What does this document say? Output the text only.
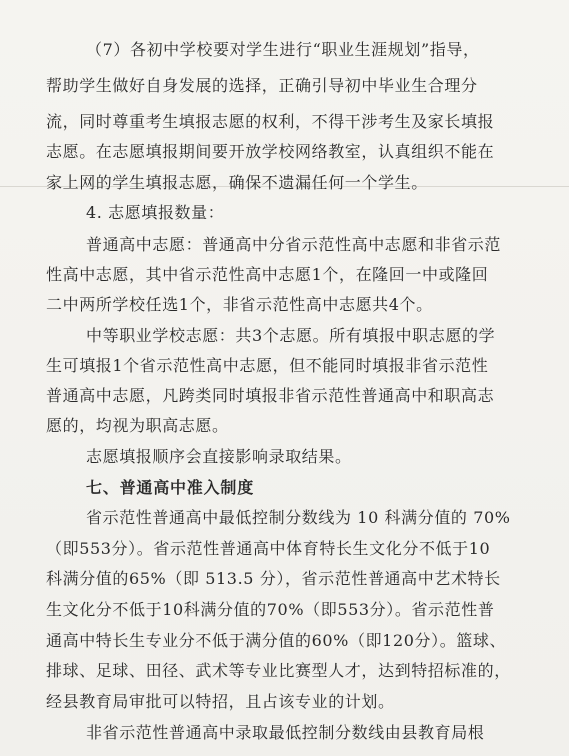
（7）各初中学校要对学生进行“职业生涯规划”指导，
帮助学生做好自身发展的选择，正确引导初中毕业生合理分
流，同时尊重考生填报志愿的权利，不得干涉考生及家长填报
志愿。在志愿填报期间要开放学校网络教室，认真组织不能在
家上网的学生填报志愿，确保不遗漏任何一个学生。
4. 志愿填报数量：
普通高中志愿：普通高中分省示范性高中志愿和非省示范
性高中志愿，其中省示范性高中志愿1个，在隆回一中或隆回
二中两所学校任选1个，非省示范性高中志愿共4个。
中等职业学校志愿：共3个志愿。所有填报中职志愿的学
生可填报1个省示范性高中志愿，但不能同时填报非省示范性
普通高中志愿，凡跨类同时填报非省示范性普通高中和职高志
愿的，均视为职高志愿。
志愿填报顺序会直接影响录取结果。
七、普通高中准入制度
省示范性普通高中最低控制分数线为 10 科满分值的 70%
（即553分）。省示范性普通高中体育特长生文化分不低于10
科满分值的65%（即 513.5 分），省示范性普通高中艺术特长
生文化分不低于10科满分值的70%（即553分）。省示范性普
通高中特长生专业分不低于满分值的60%（即120分）。篮球、
排球、足球、田径、武术等专业比赛型人才，达到特招标准的，
经县教育局审批可以特招，且占该专业的计划。
非省示范性普通高中录取最低控制分数线由县教育局根
